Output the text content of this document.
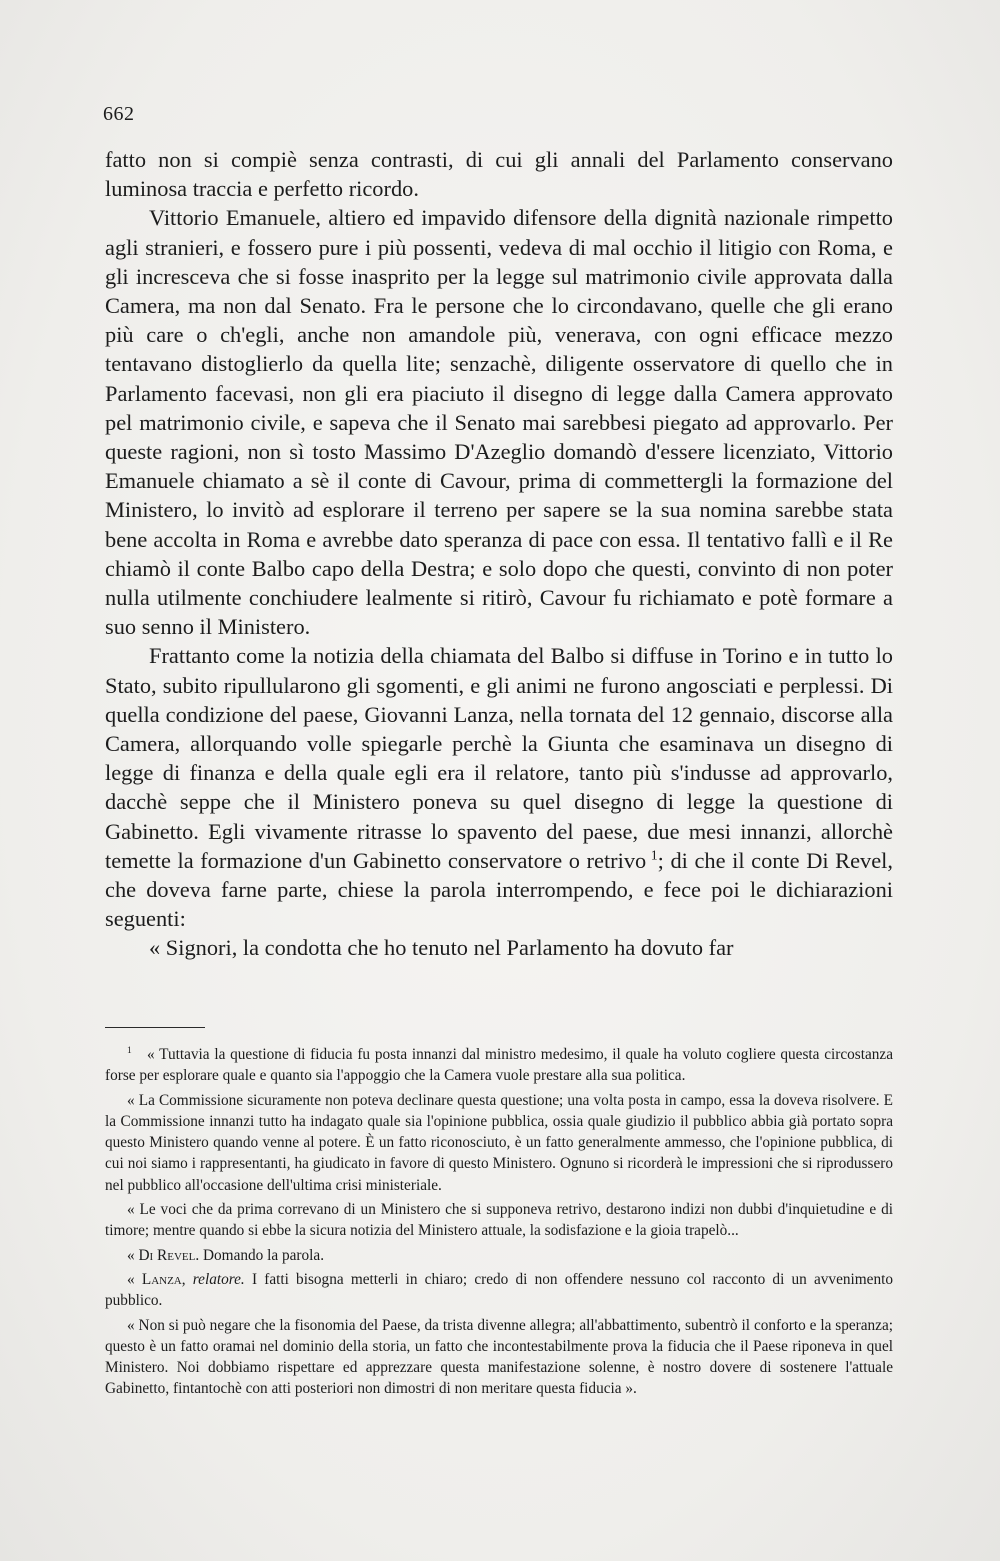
662

fatto non si compiè senza contrasti, di cui gli annali del Parlamento conservano luminosa traccia e perfetto ricordo.

Vittorio Emanuele, altiero ed impavido difensore della dignità nazionale rimpetto agli stranieri, e fossero pure i più possenti, vedeva di mal occhio il litigio con Roma, e gli incresceva che si fosse inasprito per la legge sul matrimonio civile approvata dalla Camera, ma non dal Senato. Fra le persone che lo circondavano, quelle che gli erano più care o ch'egli, anche non amandole più, venerava, con ogni efficace mezzo tentavano distoglierlo da quella lite; senzachè, diligente osservatore di quello che in Parlamento facevasi, non gli era piaciuto il disegno di legge dalla Camera approvato pel matrimonio civile, e sapeva che il Senato mai sarebbesi piegato ad approvarlo. Per queste ragioni, non sì tosto Massimo D'Azeglio domandò d'essere licenziato, Vittorio Emanuele chiamato a sè il conte di Cavour, prima di commettergli la formazione del Ministero, lo invitò ad esplorare il terreno per sapere se la sua nomina sarebbe stata bene accolta in Roma e avrebbe dato speranza di pace con essa. Il tentativo fallì e il Re chiamò il conte Balbo capo della Destra; e solo dopo che questi, convinto di non poter nulla utilmente conchiudere lealmente si ritirò, Cavour fu richiamato e potè formare a suo senno il Ministero.

Frattanto come la notizia della chiamata del Balbo si diffuse in Torino e in tutto lo Stato, subito ripullularono gli sgomenti, e gli animi ne furono angosciati e perplessi. Di quella condizione del paese, Giovanni Lanza, nella tornata del 12 gennaio, discorse alla Camera, allorquando volle spiegarle perchè la Giunta che esaminava un disegno di legge di finanza e della quale egli era il relatore, tanto più s'indusse ad approvarlo, dacchè seppe che il Ministero poneva su quel disegno di legge la questione di Gabinetto. Egli vivamente ritrasse lo spavento del paese, due mesi innanzi, allorchè temette la formazione d'un Gabinetto conservatore o retrivo  $^1$; di che il conte Di Revel, che doveva farne parte, chiese la parola interrompendo, e fece poi le dichiarazioni seguenti:

« Signori, la condotta che ho tenuto nel Parlamento ha dovuto far

$^1$  « Tuttavia la questione di fiducia fu posta innanzi dal ministro medesimo, il quale ha voluto cogliere questa circostanza forse per esplorare quale e quanto sia l'appoggio che la Camera vuole prestare alla sua politica.

« La Commissione sicuramente non poteva declinare questa questione; una volta posta in campo, essa la doveva risolvere. E la Commissione innanzi tutto ha indagato quale sia l'opinione pubblica, ossia quale giudizio il pubblico abbia già portato sopra questo Ministero quando venne al potere. È un fatto riconosciuto, è un fatto generalmente ammesso, che l'opinione pubblica, di cui noi siamo i rappresentanti, ha giudicato in favore di questo Ministero. Ognuno si ricorderà le impressioni che si riprodussero nel pubblico all'occasione dell'ultima crisi ministeriale.

« Le voci che da prima correvano di un Ministero che si supponeva retrivo, destarono indizi non dubbi d'inquietudine e di timore; mentre quando si ebbe la sicura notizia del Ministero attuale, la sodisfazione e la gioia trapelò...

« Di Revel. Domando la parola.

« Lanza, relatore. I fatti bisogna metterli in chiaro; credo di non offendere nessuno col racconto di un avvenimento pubblico.

« Non si può negare che la fisonomia del Paese, da trista divenne allegra; all'abbattimento, subentrò il conforto e la speranza; questo è un fatto oramai nel dominio della storia, un fatto che incontestabilmente prova la fiducia che il Paese riponeva in quel Ministero. Noi dobbiamo rispettare ed apprezzare questa manifestazione solenne, è nostro dovere di sostenere l'attuale Gabinetto, fintantochè con atti posteriori non dimostri di non meritare questa fiducia ».
